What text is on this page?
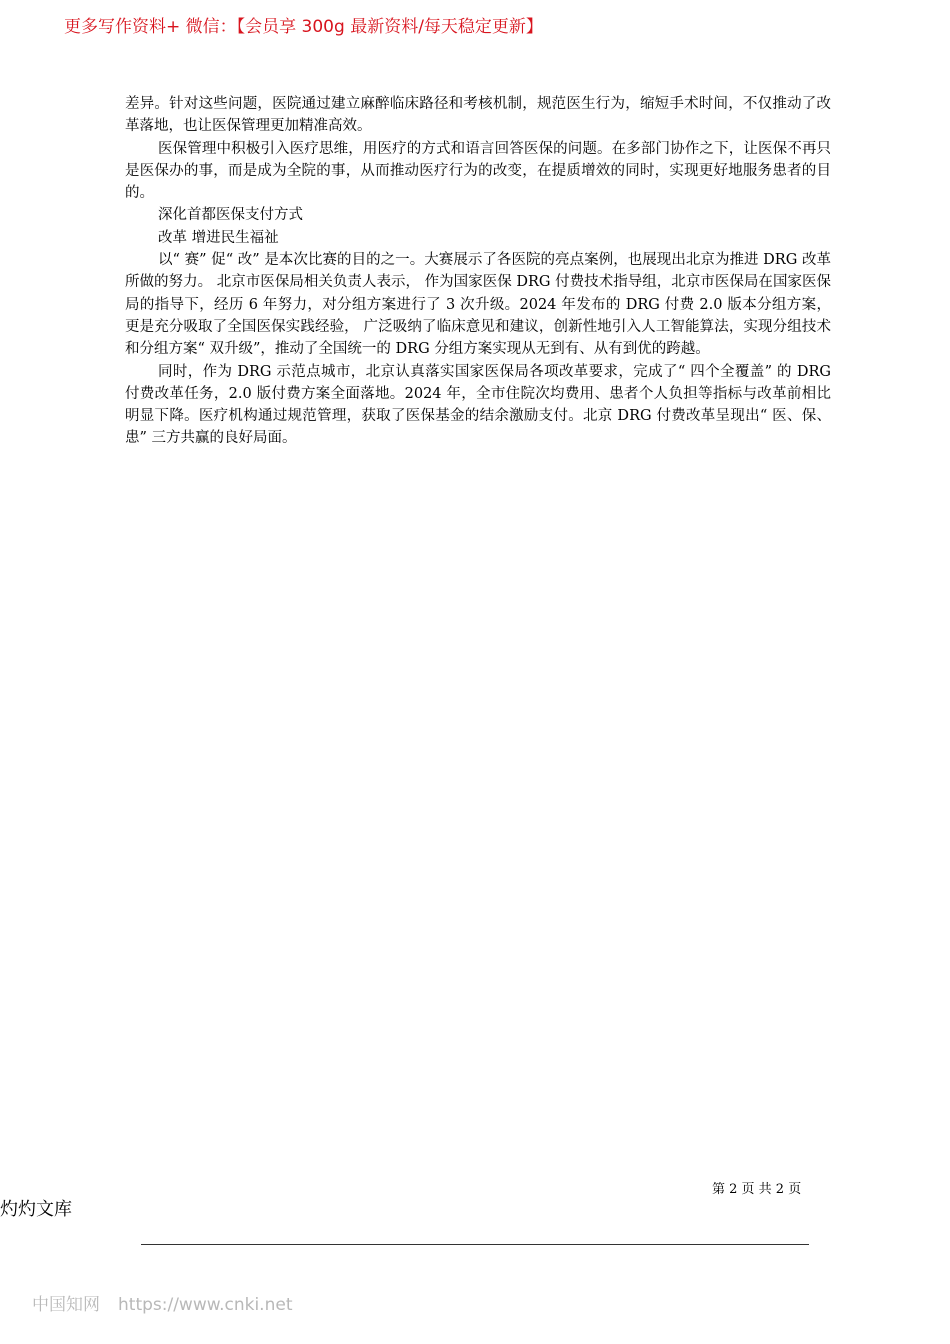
更多写作资料+ 微信：【会员享 300g 最新资料/每天稳定更新】

差异。针对这些问题，医院通过建立麻醉临床路径和考核机制，规范医生行为，缩短手术时间，不仅推动了改革落地，也让医保管理更加精准高效。

医保管理中积极引入医疗思维，用医疗的方式和语言回答医保的问题。在多部门协作之下，让医保不再只是医保办的事，而是成为全院的事，从而推动医疗行为的改变，在提质增效的同时，实现更好地服务患者的目的。

深化首都医保支付方式

改革 增进民生福祉

以“ 赛” 促“ 改” 是本次比赛的目的之一。大赛展示了各医院的亮点案例，也展现出北京为推进 DRG 改革所做的努力。 北京市医保局相关负责人表示， 作为国家医保 DRG 付费技术指导组，北京市医保局在国家医保局的指导下，经历 6 年努力，对分组方案进行了 3 次升级。2024 年发布的 DRG 付费 2.0 版本分组方案， 更是充分吸取了全国医保实践经验， 广泛吸纳了临床意见和建议，创新性地引入人工智能算法，实现分组技术和分组方案“ 双升级”，推动了全国统一的 DRG 分组方案实现从无到有、从有到优的跨越。

同时，作为 DRG 示范点城市，北京认真落实国家医保局各项改革要求，完成了“ 四个全覆盖” 的 DRG 付费改革任务，2.0 版付费方案全面落地。2024 年，全市住院次均费用、患者个人负担等指标与改革前相比明显下降。医疗机构通过规范管理，获取了医保基金的结余激励支付。北京 DRG 付费改革呈现出“ 医、保、患” 三方共赢的良好局面。

第 2 页 共 2 页
灼灼文库
中国知网 https://www.cnki.net
